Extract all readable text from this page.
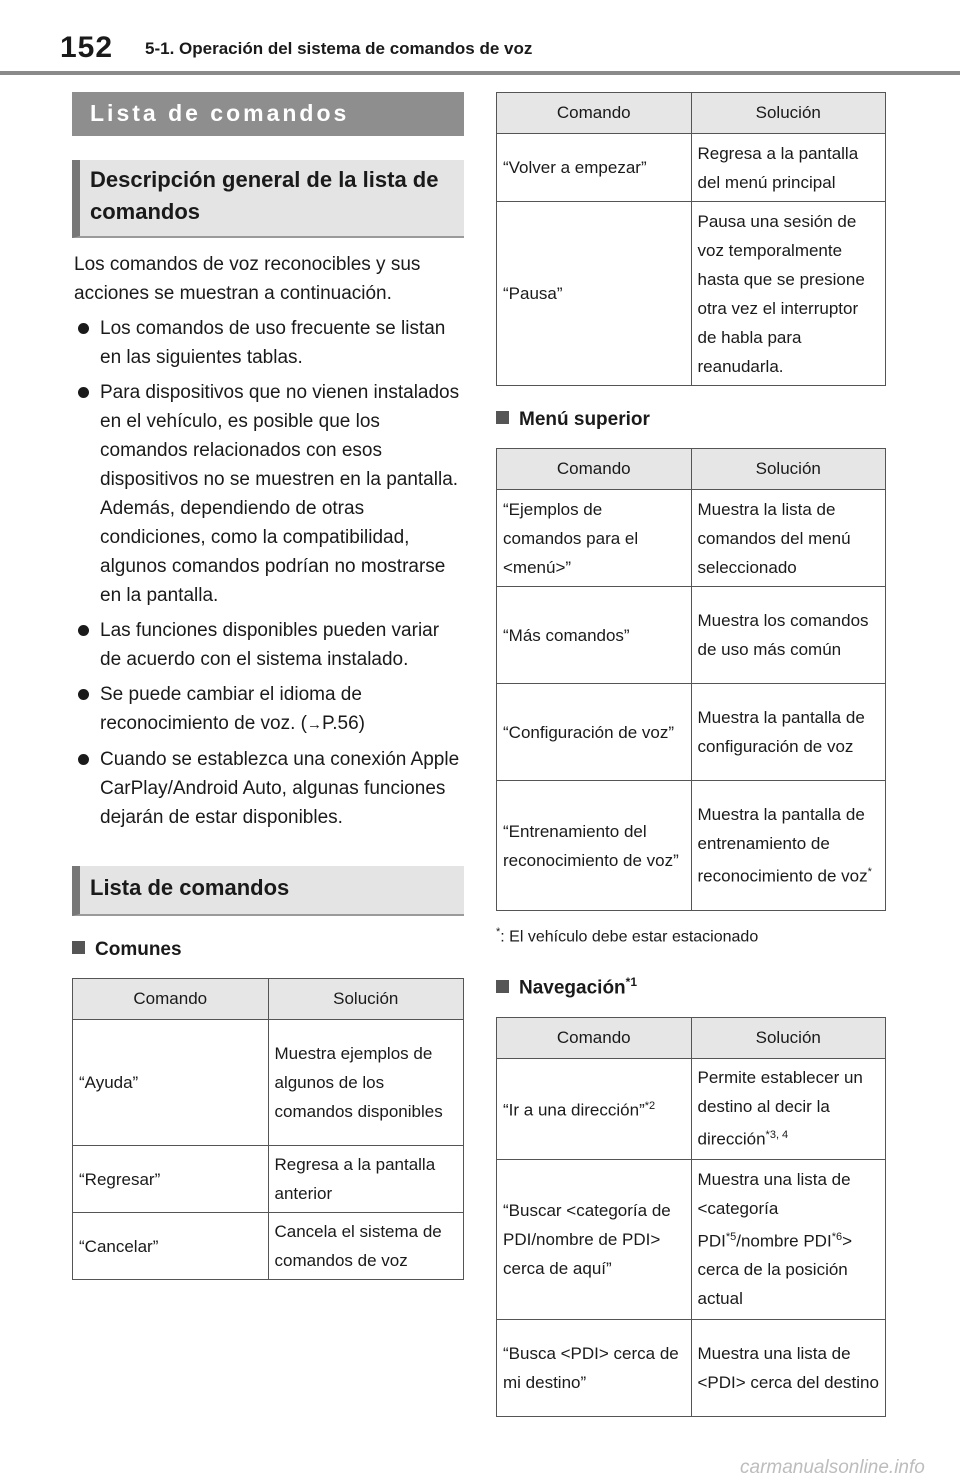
152 5-1. Operación del sistema de comandos de voz
Lista de comandos
Descripción general de la lista de comandos

Los comandos de voz reconocibles y sus acciones se muestran a continuación.

Los comandos de uso frecuente se listan en las siguientes tablas.
Para dispositivos que no vienen instalados en el vehículo, es posible que los comandos relacionados con esos dispositivos no se muestren en la pantalla. Además, dependiendo de otras condiciones, como la compatibilidad, algunos comandos podrían no mostrarse en la pantalla.
Las funciones disponibles pueden variar de acuerdo con el sistema instalado.
Se puede cambiar el idioma de reconocimiento de voz. (→P.56)
Cuando se establezca una conexión Apple CarPlay/Android Auto, algunas funciones dejarán de estar disponibles.
Lista de comandos
Comunes
Comando	Solución
“Ayuda”	Muestra ejemplos de algunos de los comandos disponibles
“Regresar”	Regresa a la pantalla anterior
“Cancelar”	Cancela el sistema de comandos de voz
Comando	Solución
“Volver a empezar”	Regresa a la pantalla del menú principal
“Pausa”	Pausa una sesión de voz temporalmente hasta que se presione otra vez el interruptor de habla para reanudarla.
Menú superior
Comando	Solución
“Ejemplos de comandos para el <menú>”	Muestra la lista de comandos del menú seleccionado
“Más comandos”	Muestra los comandos de uso más común
“Configuración de voz”	Muestra la pantalla de configuración de voz
“Entrenamiento del reconocimiento de voz”	Muestra la pantalla de entrenamiento de reconocimiento de voz*
*: El vehículo debe estar estacionado
Navegación$^{*1}$
Comando	Solución
“Ir a una dirección”$^{*2}$	Permite establecer un destino al decir la dirección$^{*3, 4}$
“Buscar <categoría de PDI/nombre de PDI> cerca de aquí”	Muestra una lista de <categoría PDI$^{*5}$/nombre $PDI^{*6}>$ cerca de la posición actual
“Busca <PDI> cerca de mi destino”	Muestra una lista de <PDI> cerca del destino
carmanualsonline.info
